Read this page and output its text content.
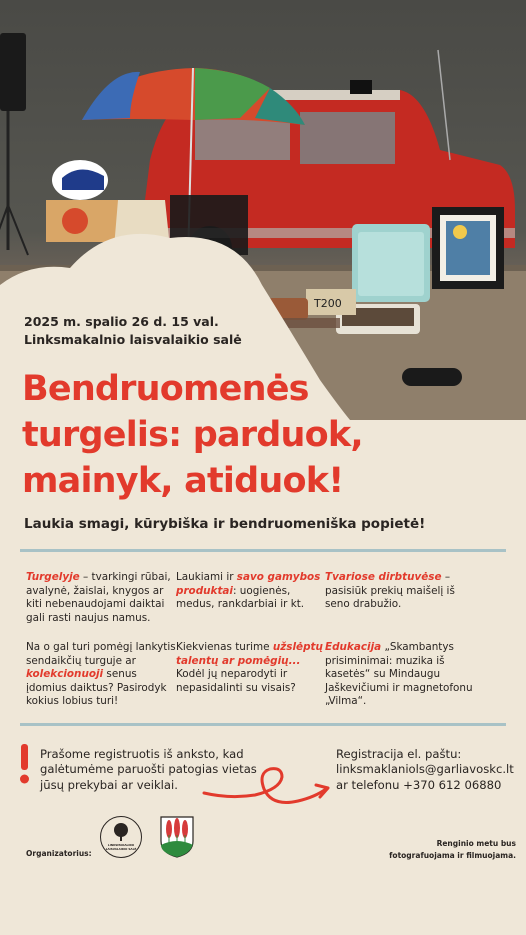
T200
2025 m. spalio 26 d. 15 val.
Linksmakalnio laisvalaikio salė
Bendruomenės
turgelis: parduok,
mainyk, atiduok!
Laukia smagi, kūrybiška ir bendruomeniška popietė!
Turgelyje – tvarkingi rūbai, avalynė, žaislai, knygos ar kiti nebenaudojami daiktai gali rasti naujus namus.
Laukiami ir savo gamybos produktai: uogienės, medus, rankdarbiai ir kt.
Tvariose dirbtuvėse – pasisiūk prekių maišelį iš seno drabužio.
Na o gal turi pomėgį lankytis sendaikčių turguje ar kolekcionuoji senus įdomius daiktus? Pasirodyk kokius lobius turi!
Kiekvienas turime užslėptų talentų ar pomėgių... Kodėl jų neparodyti ir nepasidalinti su visais?
Edukacija „Skambantys prisiminimai: muzika iš kasetės“ su Mindaugu Jaškevičiumi ir magnetofonu „Vilma“.
Prašome registruotis iš anksto, kad galėtumėme paruošti patogias vietas jūsų prekybai ar veiklai.
Registracija el. paštu:
linksmaklaniols@garliavoskc.lt
ar telefonu +370 612 06880
Organizatorius:
LINKSMAKALNIO LAISVALAIKIO SALĖ
Renginio metu bus
fotografuojama ir filmuojama.
